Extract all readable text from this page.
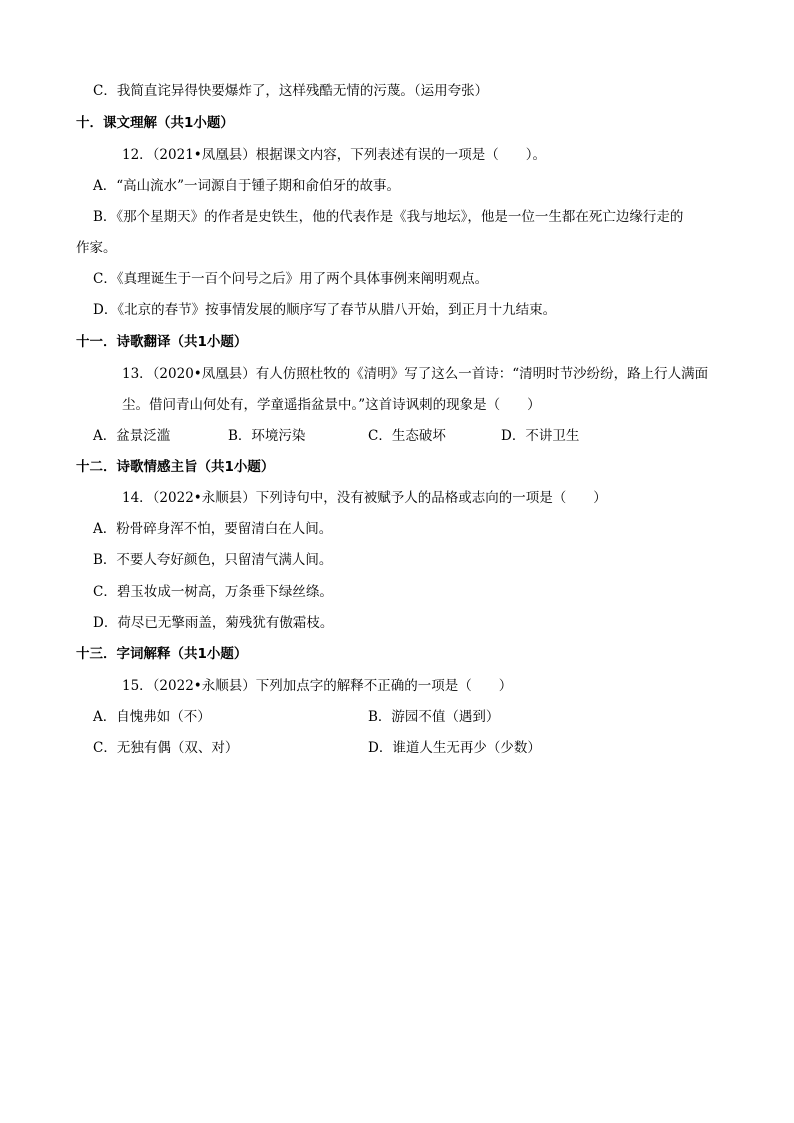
C．我简直诧异得快要爆炸了，这样残酷无情的污蔑。（运用夸张）
十．课文理解（共1小题）
12．（2021•凤凰县）根据课文内容，下列表述有误的一项是（　　）。
A．“高山流水”一词源自于锺子期和俞伯牙的故事。
B．《那个星期天》的作者是史铁生，他的代表作是《我与地坛》，他是一位一生都在死亡边缘行走的
作家。
C．《真理诞生于一百个问号之后》用了两个具体事例来阐明观点。
D．《北京的春节》按事情发展的顺序写了春节从腊八开始，到正月十九结束。
十一．诗歌翻译（共1小题）
13．（2020•凤凰县）有人仿照杜牧的《清明》写了这么一首诗：“清明时节沙纷纷，路上行人满面
尘。借问青山何处有，学童遥指盆景中。”这首诗讽刺的现象是（　　）
A．盆景泛滥	B．环境污染	C．生态破坏	D．不讲卫生
十二．诗歌情感主旨（共1小题）
14．（2022•永顺县）下列诗句中，没有被赋予人的品格或志向的一项是（　　）
A．粉骨碎身浑不怕，要留清白在人间。
B．不要人夸好颜色，只留清气满人间。
C．碧玉妆成一树高，万条垂下绿丝绦。
D．荷尽已无擎雨盖，菊残犹有傲霜枝。
十三．字词解释（共1小题）
15．（2022•永顺县）下列加点字的解释不正确的一项是（　　）
A．自愧弗如（不）	B．游园不值（遇到）
C．无独有偶（双、对）	D．谁道人生无再少（少数）
